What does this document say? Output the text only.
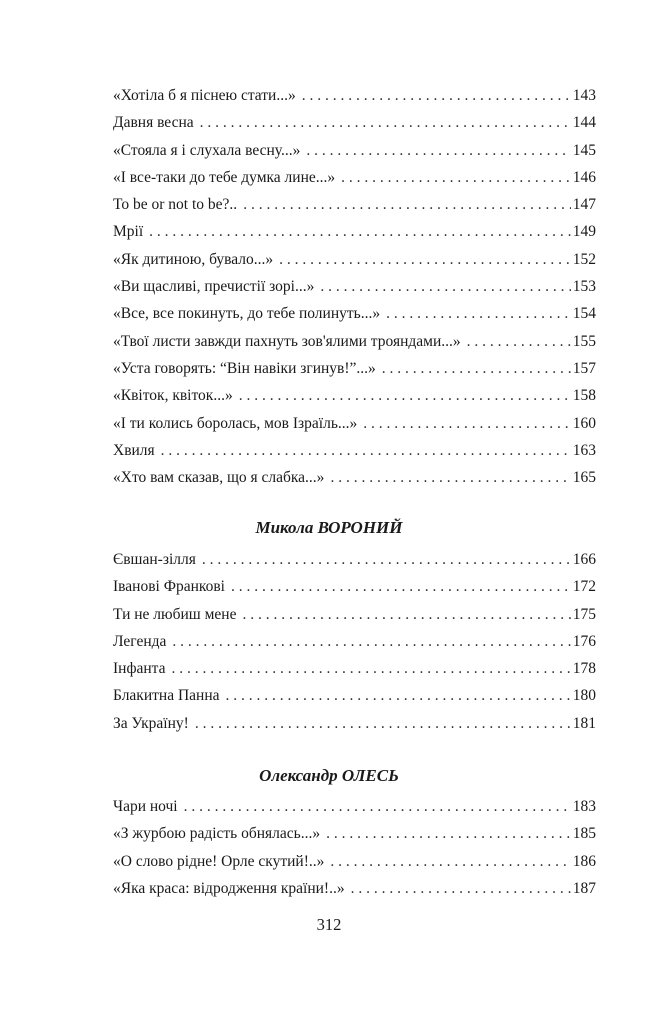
«Хотіла б я піснею стати...» . . .	143
Давня весна . . .	144
«Стояла я і слухала весну...» . . .	145
«І все-таки до тебе думка лине...» . . .	146
To be or not to be?.. . . .	147
Мрії . . .	149
«Як дитиною, бувало...» . . .	152
«Ви щасливі, пречистії зорі...» . . .	153
«Все, все покинуть, до тебе полинуть...» . . .	154
«Твої листи завжди пахнуть зов'ялими трояндами...» . . .	155
«Уста говорять: “Він навіки згинув!”...» . . .	157
«Квіток, квіток...» . . .	158
«І ти колись боролась, мов Ізраїль...» . . .	160
Хвиля . . .	163
«Хто вам сказав, що я слабка...» . . .	165
Микола ВОРОНИЙ
Євшан-зілля . . .	166
Іванові Франкові . . .	172
Ти не любиш мене . . .	175
Легенда . . .	176
Інфанта . . .	178
Блакитна Панна . . .	180
За Україну! . . .	181
Олександр ОЛЕСЬ
Чари ночі . . .	183
«З журбою радість обнялась...» . . .	185
«О слово рідне! Орле скутий!..» . . .	186
«Яка краса: відродження країни!..» . . .	187
312
